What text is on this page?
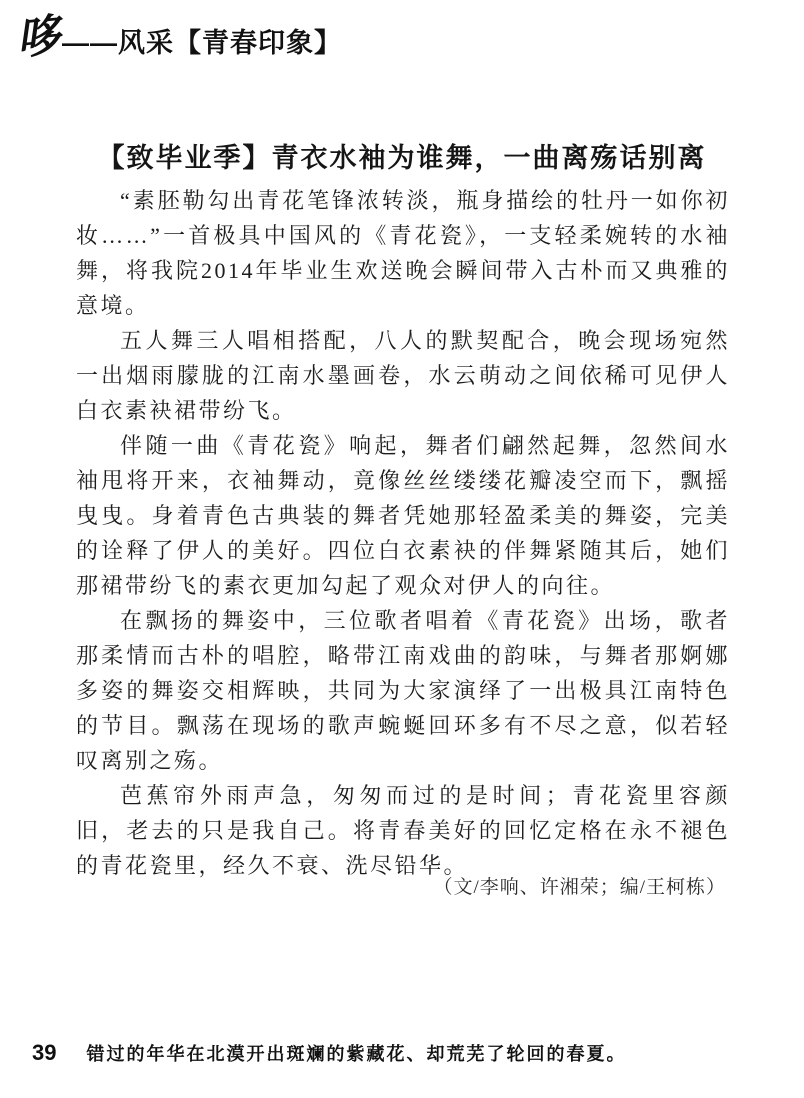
哆 ——风采【青春印象】
【致毕业季】青衣水袖为谁舞，一曲离殇话别离

“素胚勒勾出青花笔锋浓转淡，瓶身描绘的牡丹一如你初妆……”一首极具中国风的《青花瓷》，一支轻柔婉转的水袖舞，将我院2014年毕业生欢送晚会瞬间带入古朴而又典雅的意境。

五人舞三人唱相搭配，八人的默契配合，晚会现场宛然一出烟雨朦胧的江南水墨画卷，水云萌动之间依稀可见伊人白衣素袂裙带纷飞。

伴随一曲《青花瓷》响起，舞者们翩然起舞，忽然间水袖甩将开来，衣袖舞动，竟像丝丝缕缕花瓣凌空而下，飘摇曳曳。身着青色古典装的舞者凭她那轻盈柔美的舞姿，完美的诠释了伊人的美好。四位白衣素袂的伴舞紧随其后，她们那裙带纷飞的素衣更加勾起了观众对伊人的向往。

在飘扬的舞姿中，三位歌者唱着《青花瓷》出场，歌者那柔情而古朴的唱腔，略带江南戏曲的韵味，与舞者那婀娜多姿的舞姿交相辉映，共同为大家演绎了一出极具江南特色的节目。飘荡在现场的歌声蜿蜒回环多有不尽之意，似若轻叹离别之殇。

芭蕉帘外雨声急，匆匆而过的是时间；青花瓷里容颜旧，老去的只是我自己。将青春美好的回忆定格在永不褪色的青花瓷里，经久不衰、洗尽铅华。

（文/李响、许湘荣；编/王柯栋）
39 错过的年华在北漠开出斑斓的紫藏花、却荒芜了轮回的春夏。
